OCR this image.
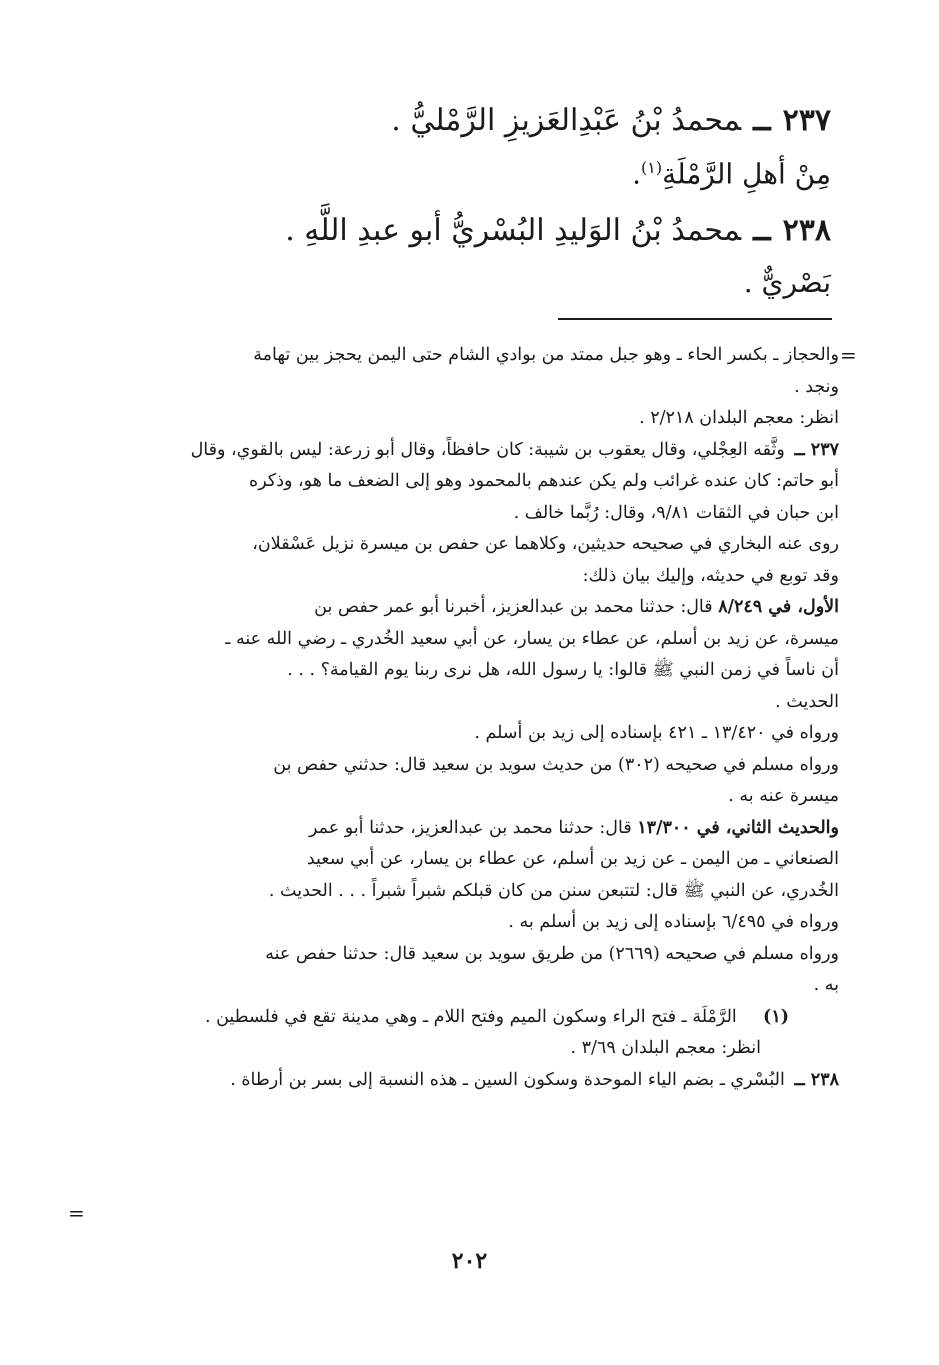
٢٣٧ــمحمدُ بْنُ عَبْدِالعَزيزِ الرَّمْليُّ .
مِنْ أهلِ الرَّمْلَةِ$^{(١)}$.
٢٣٨ــمحمدُ بْنُ الوَليدِ البُسْريُّ أبو عبدِ اللَّهِ .
بَصْريٌّ .
=
=
والحجاز ـ بكسر الحاء ـ وهو جبل ممتد من بوادي الشام حتى اليمن يحجز بين تهامة
ونجد .
انظر: معجم البلدان ٢/٢١٨ .
٢٣٧ ــ وثَّقه العِجْلي، وقال يعقوب بن شيبة: كان حافظاً، وقال أبو زرعة: ليس بالقوي، وقال
أبو حاتم: كان عنده غرائب ولم يكن عندهم بالمحمود وهو إلى الضعف ما هو، وذكره
ابن حبان في الثقات ٩/٨١، وقال: رُبَّما خالف .
روى عنه البخاري في صحيحه حديثين، وكلاهما عن حفص بن ميسرة نزيل عَسْقلان،
وقد توبع في حديثه، وإليك بيان ذلك:
الأول، في ٨/٢٤٩ قال: حدثنا محمد بن عبدالعزيز، أخبرنا أبو عمر حفص بن
ميسرة، عن زيد بن أسلم، عن عطاء بن يسار، عن أبي سعيد الخُدري ـ رضي الله عنه ـ
أن ناساً في زمن النبي ﷺ قالوا: يا رسول الله، هل نرى ربنا يوم القيامة؟ . . .
الحديث .
ورواه في ١٣/٤٢٠ ـ ٤٢١ بإسناده إلى زيد بن أسلم .
ورواه مسلم في صحيحه (٣٠٢) من حديث سويد بن سعيد قال: حدثني حفص بن
ميسرة عنه به .
والحديث الثاني، في ١٣/٣٠٠ قال: حدثنا محمد بن عبدالعزيز، حدثنا أبو عمر
الصنعاني ـ من اليمن ـ عن زيد بن أسلم، عن عطاء بن يسار، عن أبي سعيد
الخُدري، عن النبي ﷺ قال: لتتبعن سنن من كان قبلكم شبراً شبراً . . . الحديث .
ورواه في ٦/٤٩٥ بإسناده إلى زيد بن أسلم به .
ورواه مسلم في صحيحه (٢٦٦٩) من طريق سويد بن سعيد قال: حدثنا حفص عنه
به .
(١)    الرَّمْلَة ـ فتح الراء وسكون الميم وفتح اللام ـ وهي مدينة تقع في فلسطين .
انظر: معجم البلدان ٣/٦٩ .
٢٣٨ ــ البُسْري ـ بضم الياء الموحدة وسكون السين ـ هذه النسبة إلى بسر بن أرطاة .
٢٠٢
